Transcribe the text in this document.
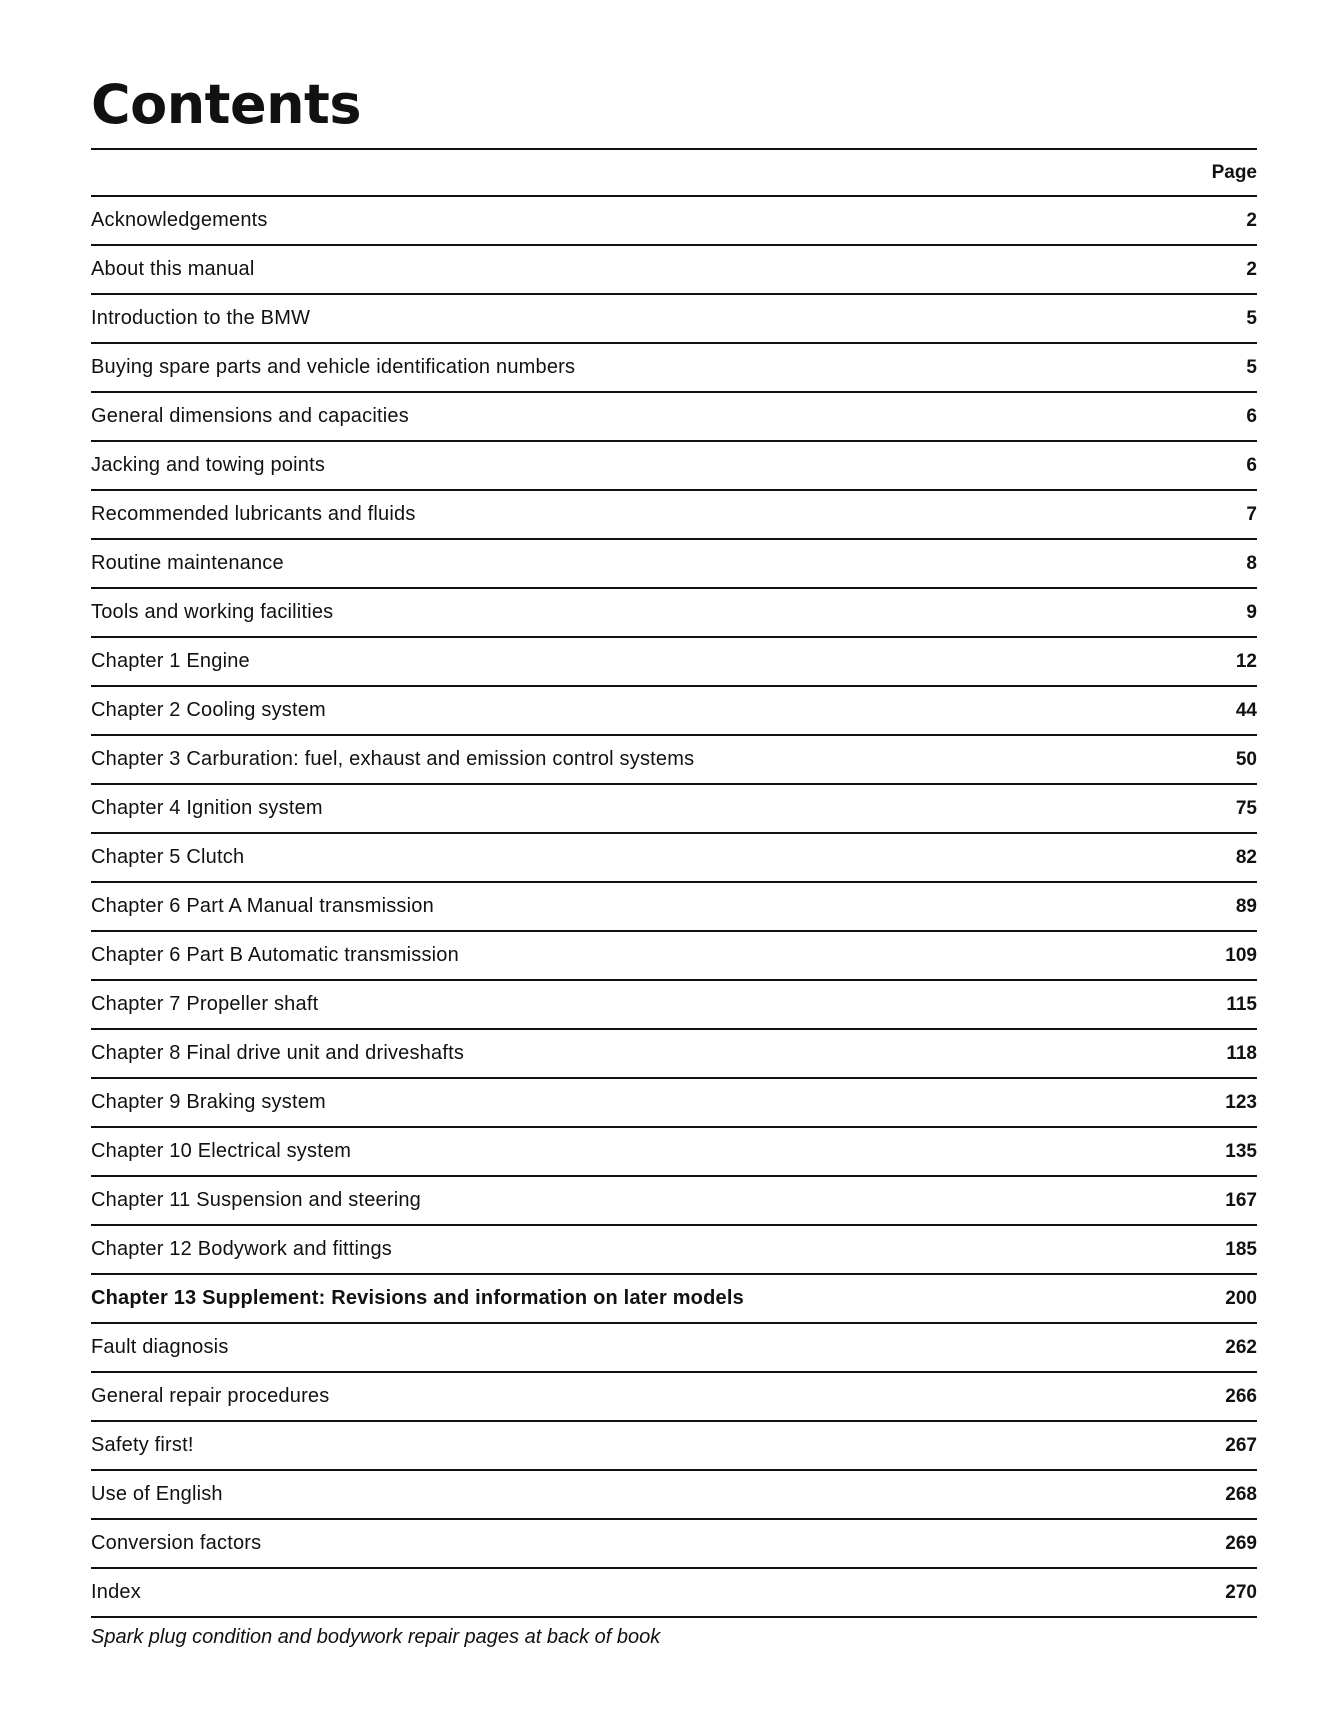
Contents
Page
Acknowledgements	2
About this manual	2
Introduction to the BMW	5
Buying spare parts and vehicle identification numbers	5
General dimensions and capacities	6
Jacking and towing points	6
Recommended lubricants and fluids	7
Routine maintenance	8
Tools and working facilities	9
Chapter 1 Engine	12
Chapter 2 Cooling system	44
Chapter 3 Carburation: fuel, exhaust and emission control systems	50
Chapter 4 Ignition system	75
Chapter 5 Clutch	82
Chapter 6 Part A Manual transmission	89
Chapter 6 Part B Automatic transmission	109
Chapter 7 Propeller shaft	115
Chapter 8 Final drive unit and driveshafts	118
Chapter 9 Braking system	123
Chapter 10 Electrical system	135
Chapter 11 Suspension and steering	167
Chapter 12 Bodywork and fittings	185
Chapter 13 Supplement: Revisions and information on later models	200
Fault diagnosis	262
General repair procedures	266
Safety first!	267
Use of English	268
Conversion factors	269
Index	270
Spark plug condition and bodywork repair pages at back of book
